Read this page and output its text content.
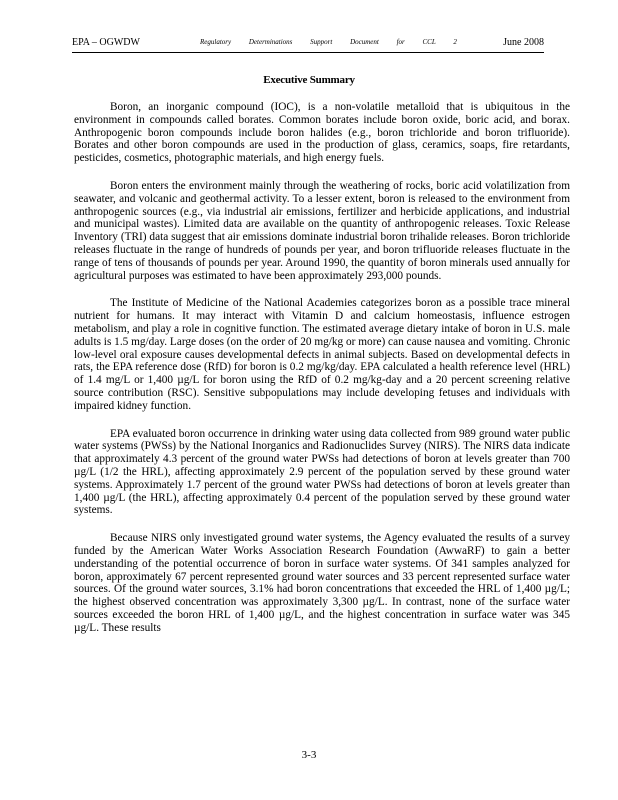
EPA – OGWDW	Regulatory Determinations Support Document for CCL 2	June 2008
Executive Summary

Boron, an inorganic compound (IOC), is a non-volatile metalloid that is ubiquitous in the environment in compounds called borates. Common borates include boron oxide, boric acid, and borax. Anthropogenic boron compounds include boron halides (e.g., boron trichloride and boron trifluoride). Borates and other boron compounds are used in the production of glass, ceramics, soaps, fire retardants, pesticides, cosmetics, photographic materials, and high energy fuels.

Boron enters the environment mainly through the weathering of rocks, boric acid volatilization from seawater, and volcanic and geothermal activity. To a lesser extent, boron is released to the environment from anthropogenic sources (e.g., via industrial air emissions, fertilizer and herbicide applications, and industrial and municipal wastes). Limited data are available on the quantity of anthropogenic releases. Toxic Release Inventory (TRI) data suggest that air emissions dominate industrial boron trihalide releases. Boron trichloride releases fluctuate in the range of hundreds of pounds per year, and boron trifluoride releases fluctuate in the range of tens of thousands of pounds per year. Around 1990, the quantity of boron minerals used annually for agricultural purposes was estimated to have been approximately 293,000 pounds.

The Institute of Medicine of the National Academies categorizes boron as a possible trace mineral nutrient for humans. It may interact with Vitamin D and calcium homeostasis, influence estrogen metabolism, and play a role in cognitive function. The estimated average dietary intake of boron in U.S. male adults is 1.5 mg/day. Large doses (on the order of 20 mg/kg or more) can cause nausea and vomiting. Chronic low-level oral exposure causes developmental defects in animal subjects. Based on developmental defects in rats, the EPA reference dose (RfD) for boron is 0.2 mg/kg/day. EPA calculated a health reference level (HRL) of 1.4 mg/L or 1,400 µg/L for boron using the RfD of 0.2 mg/kg-day and a 20 percent screening relative source contribution (RSC). Sensitive subpopulations may include developing fetuses and individuals with impaired kidney function.

EPA evaluated boron occurrence in drinking water using data collected from 989 ground water public water systems (PWSs) by the National Inorganics and Radionuclides Survey (NIRS). The NIRS data indicate that approximately 4.3 percent of the ground water PWSs had detections of boron at levels greater than 700 µg/L (1/2 the HRL), affecting approximately 2.9 percent of the population served by these ground water systems. Approximately 1.7 percent of the ground water PWSs had detections of boron at levels greater than 1,400 µg/L (the HRL), affecting approximately 0.4 percent of the population served by these ground water systems.

Because NIRS only investigated ground water systems, the Agency evaluated the results of a survey funded by the American Water Works Association Research Foundation (AwwaRF) to gain a better understanding of the potential occurrence of boron in surface water systems. Of 341 samples analyzed for boron, approximately 67 percent represented ground water sources and 33 percent represented surface water sources. Of the ground water sources, 3.1% had boron concentrations that exceeded the HRL of 1,400 µg/L; the highest observed concentration was approximately 3,300 µg/L. In contrast, none of the surface water sources exceeded the boron HRL of 1,400 µg/L, and the highest concentration in surface water was 345 µg/L. These results

3-3
